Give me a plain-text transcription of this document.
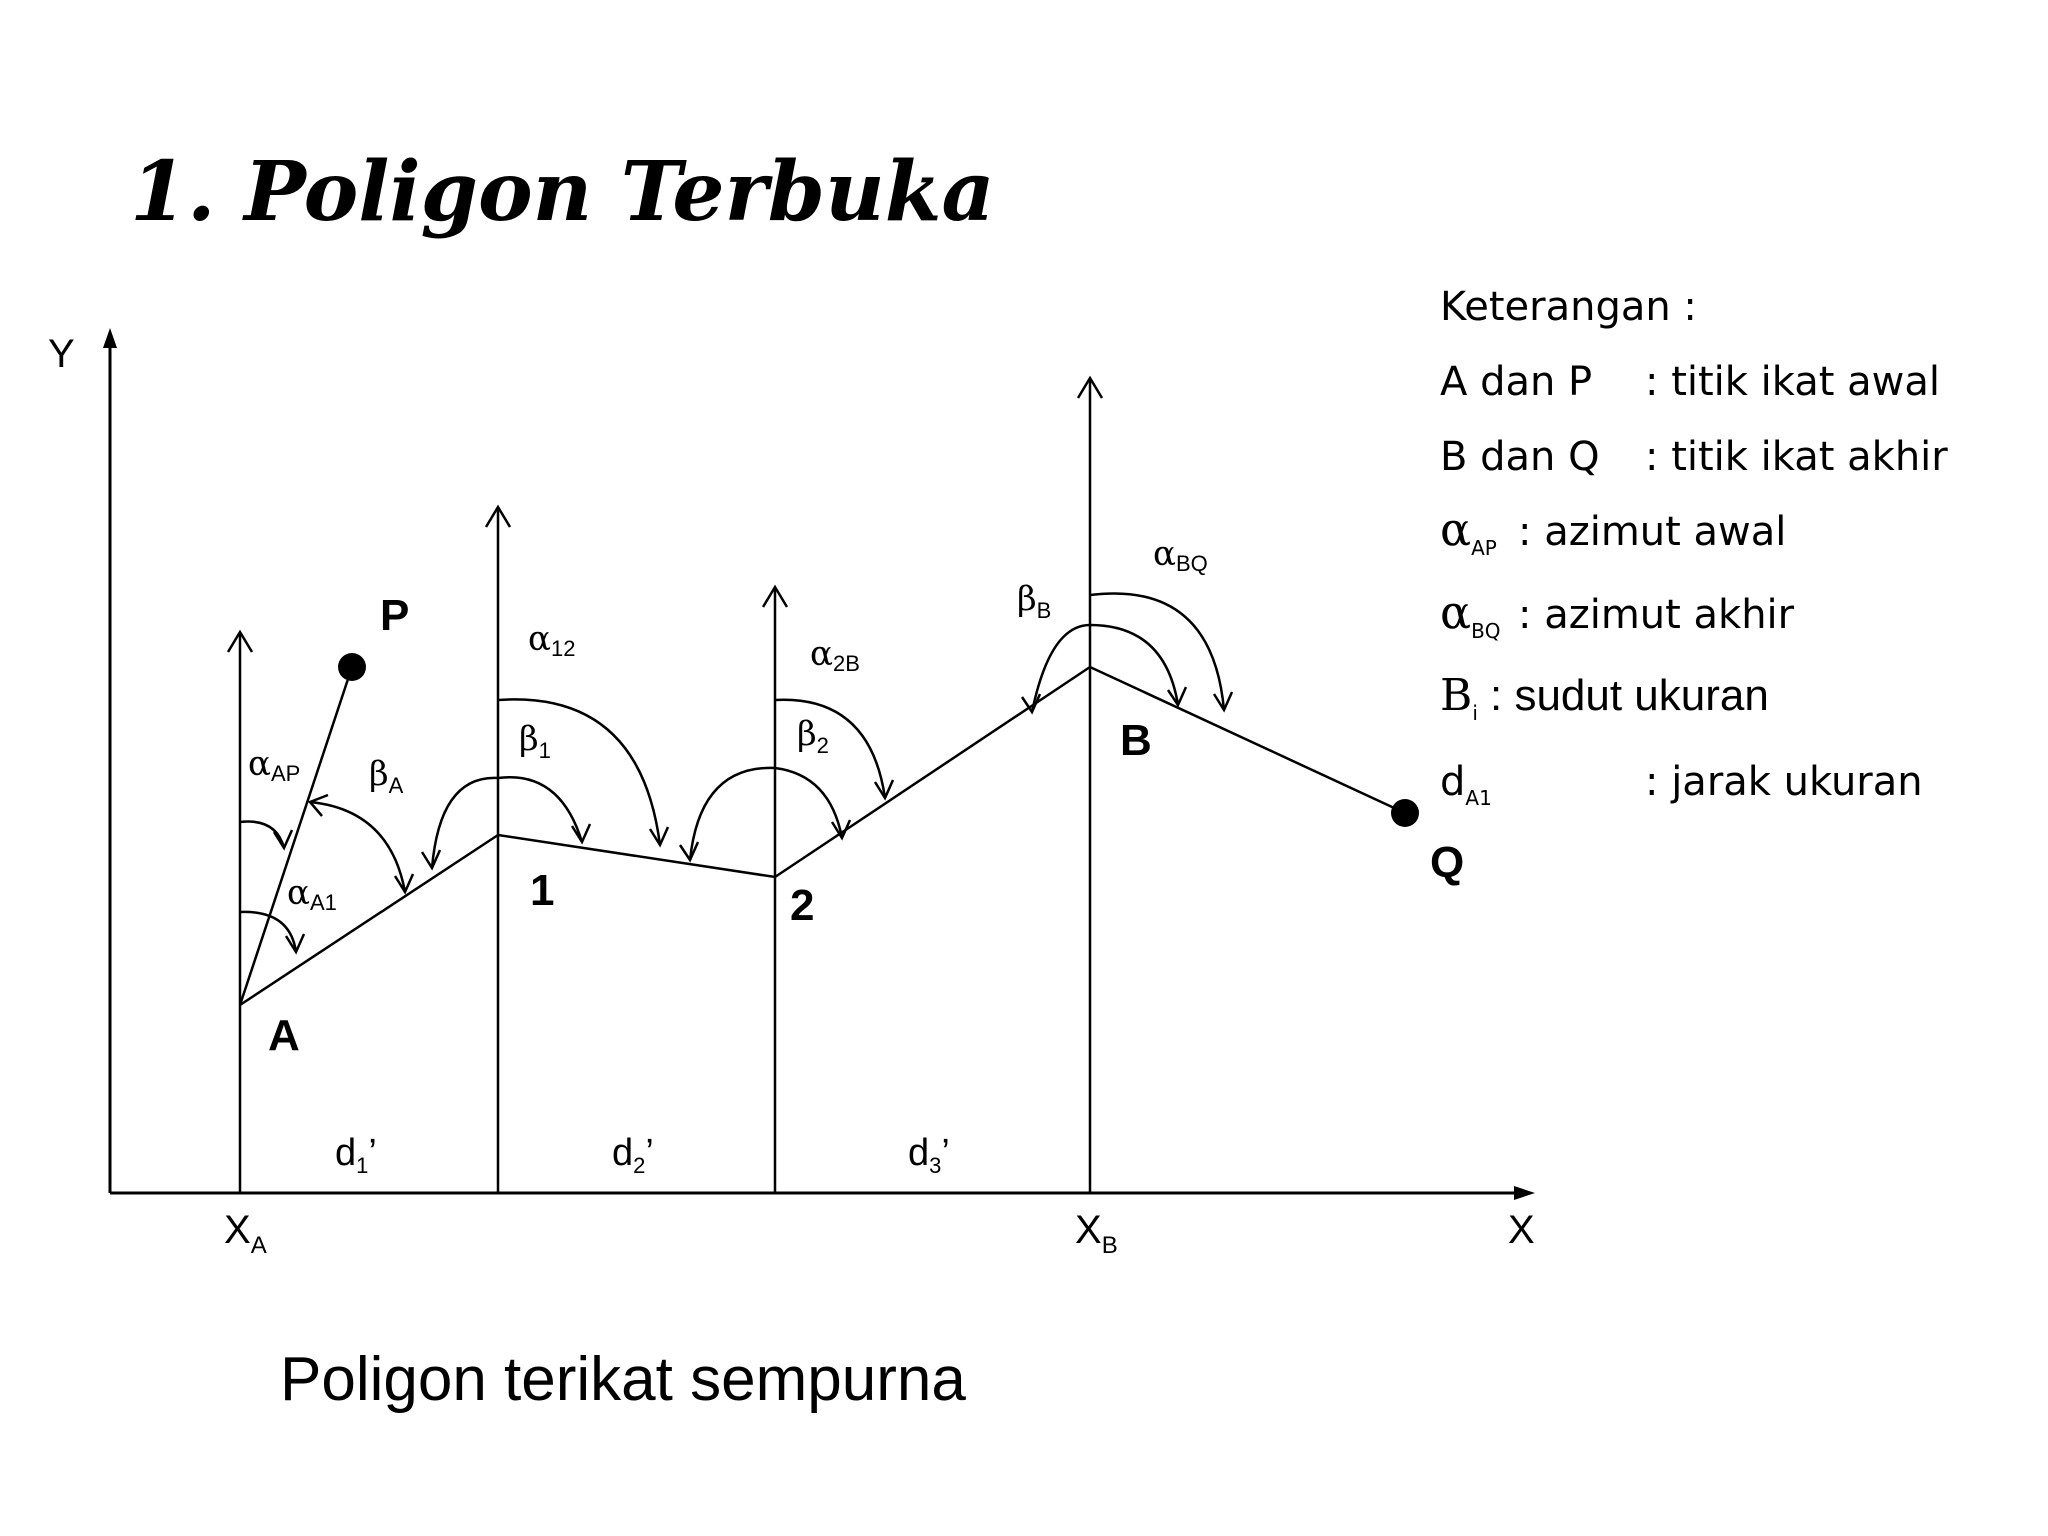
1. Poligon Terbuka
Y
X
$X_A$	$X_B$
P
A
1	2
B
Q
αAP
αA1
$\beta_A$
α12
$\beta_1$
α2B
$\beta_2$
$\beta_B$
αBQ
$d_1$’	$d_2$’	$d_3$’
Keterangan :
A dan P : titik ikat awal
B dan Q : titik ikat akhir
$\alpha_{AP}$ : azimut awal
$\alpha_{BQ}$ : azimut akhir
$B_i$ : sudut ukuran
$d_{A1}$	: jarak ukuran
Poligon terikat sempurna
